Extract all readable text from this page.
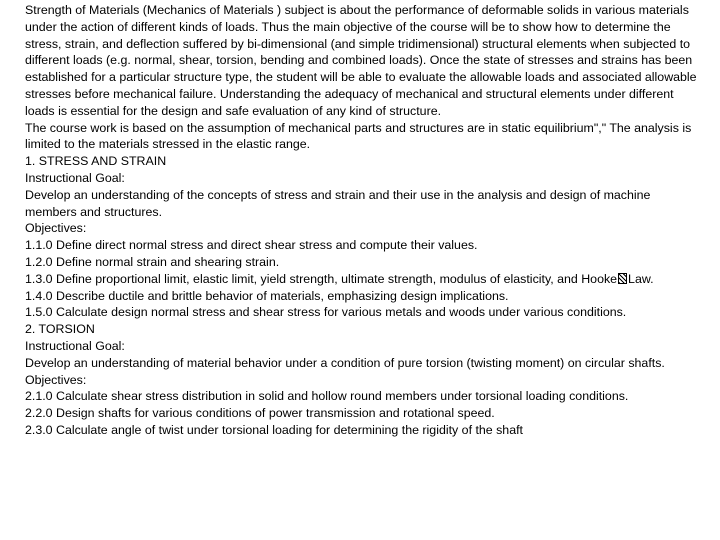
Strength of Materials (Mechanics of Materials ) subject is about the performance of deformable solids in various materials under the action of different kinds of loads. Thus the main objective of the course will be to show how to determine the stress, strain, and deflection suffered by bi-dimensional (and simple tridimensional) structural elements when subjected to different loads (e.g. normal, shear, torsion, bending and combined loads). Once the state of stresses and strains has been established for a particular structure type, the student will be able to evaluate the allowable loads and associated allowable stresses before mechanical failure. Understanding the adequacy of mechanical and structural elements under different loads is essential for the design and safe evaluation of any kind of structure.

The course work is based on the assumption of mechanical parts and structures are in static equilibrium"," The analysis is limited to the materials stressed in the elastic range.

1. STRESS AND STRAIN

Instructional Goal:

Develop an understanding of the concepts of stress and strain and their use in the analysis and design of machine members and structures.

Objectives:

1.1.0 Define direct normal stress and direct shear stress and compute their values.

1.2.0 Define normal strain and shearing strain.

1.3.0 Define proportional limit, elastic limit, yield strength, ultimate strength, modulus of elasticity, and Hooke Law.

1.4.0 Describe ductile and brittle behavior of materials, emphasizing design implications.

1.5.0 Calculate design normal stress and shear stress for various metals and woods under various conditions.

2. TORSION

Instructional Goal:

Develop an understanding of material behavior under a condition of pure torsion (twisting moment) on circular shafts.

Objectives:

2.1.0 Calculate shear stress distribution in solid and hollow round members under torsional loading conditions.

2.2.0 Design shafts for various conditions of power transmission and rotational speed.

2.3.0 Calculate angle of twist under torsional loading for determining the rigidity of the shaft
